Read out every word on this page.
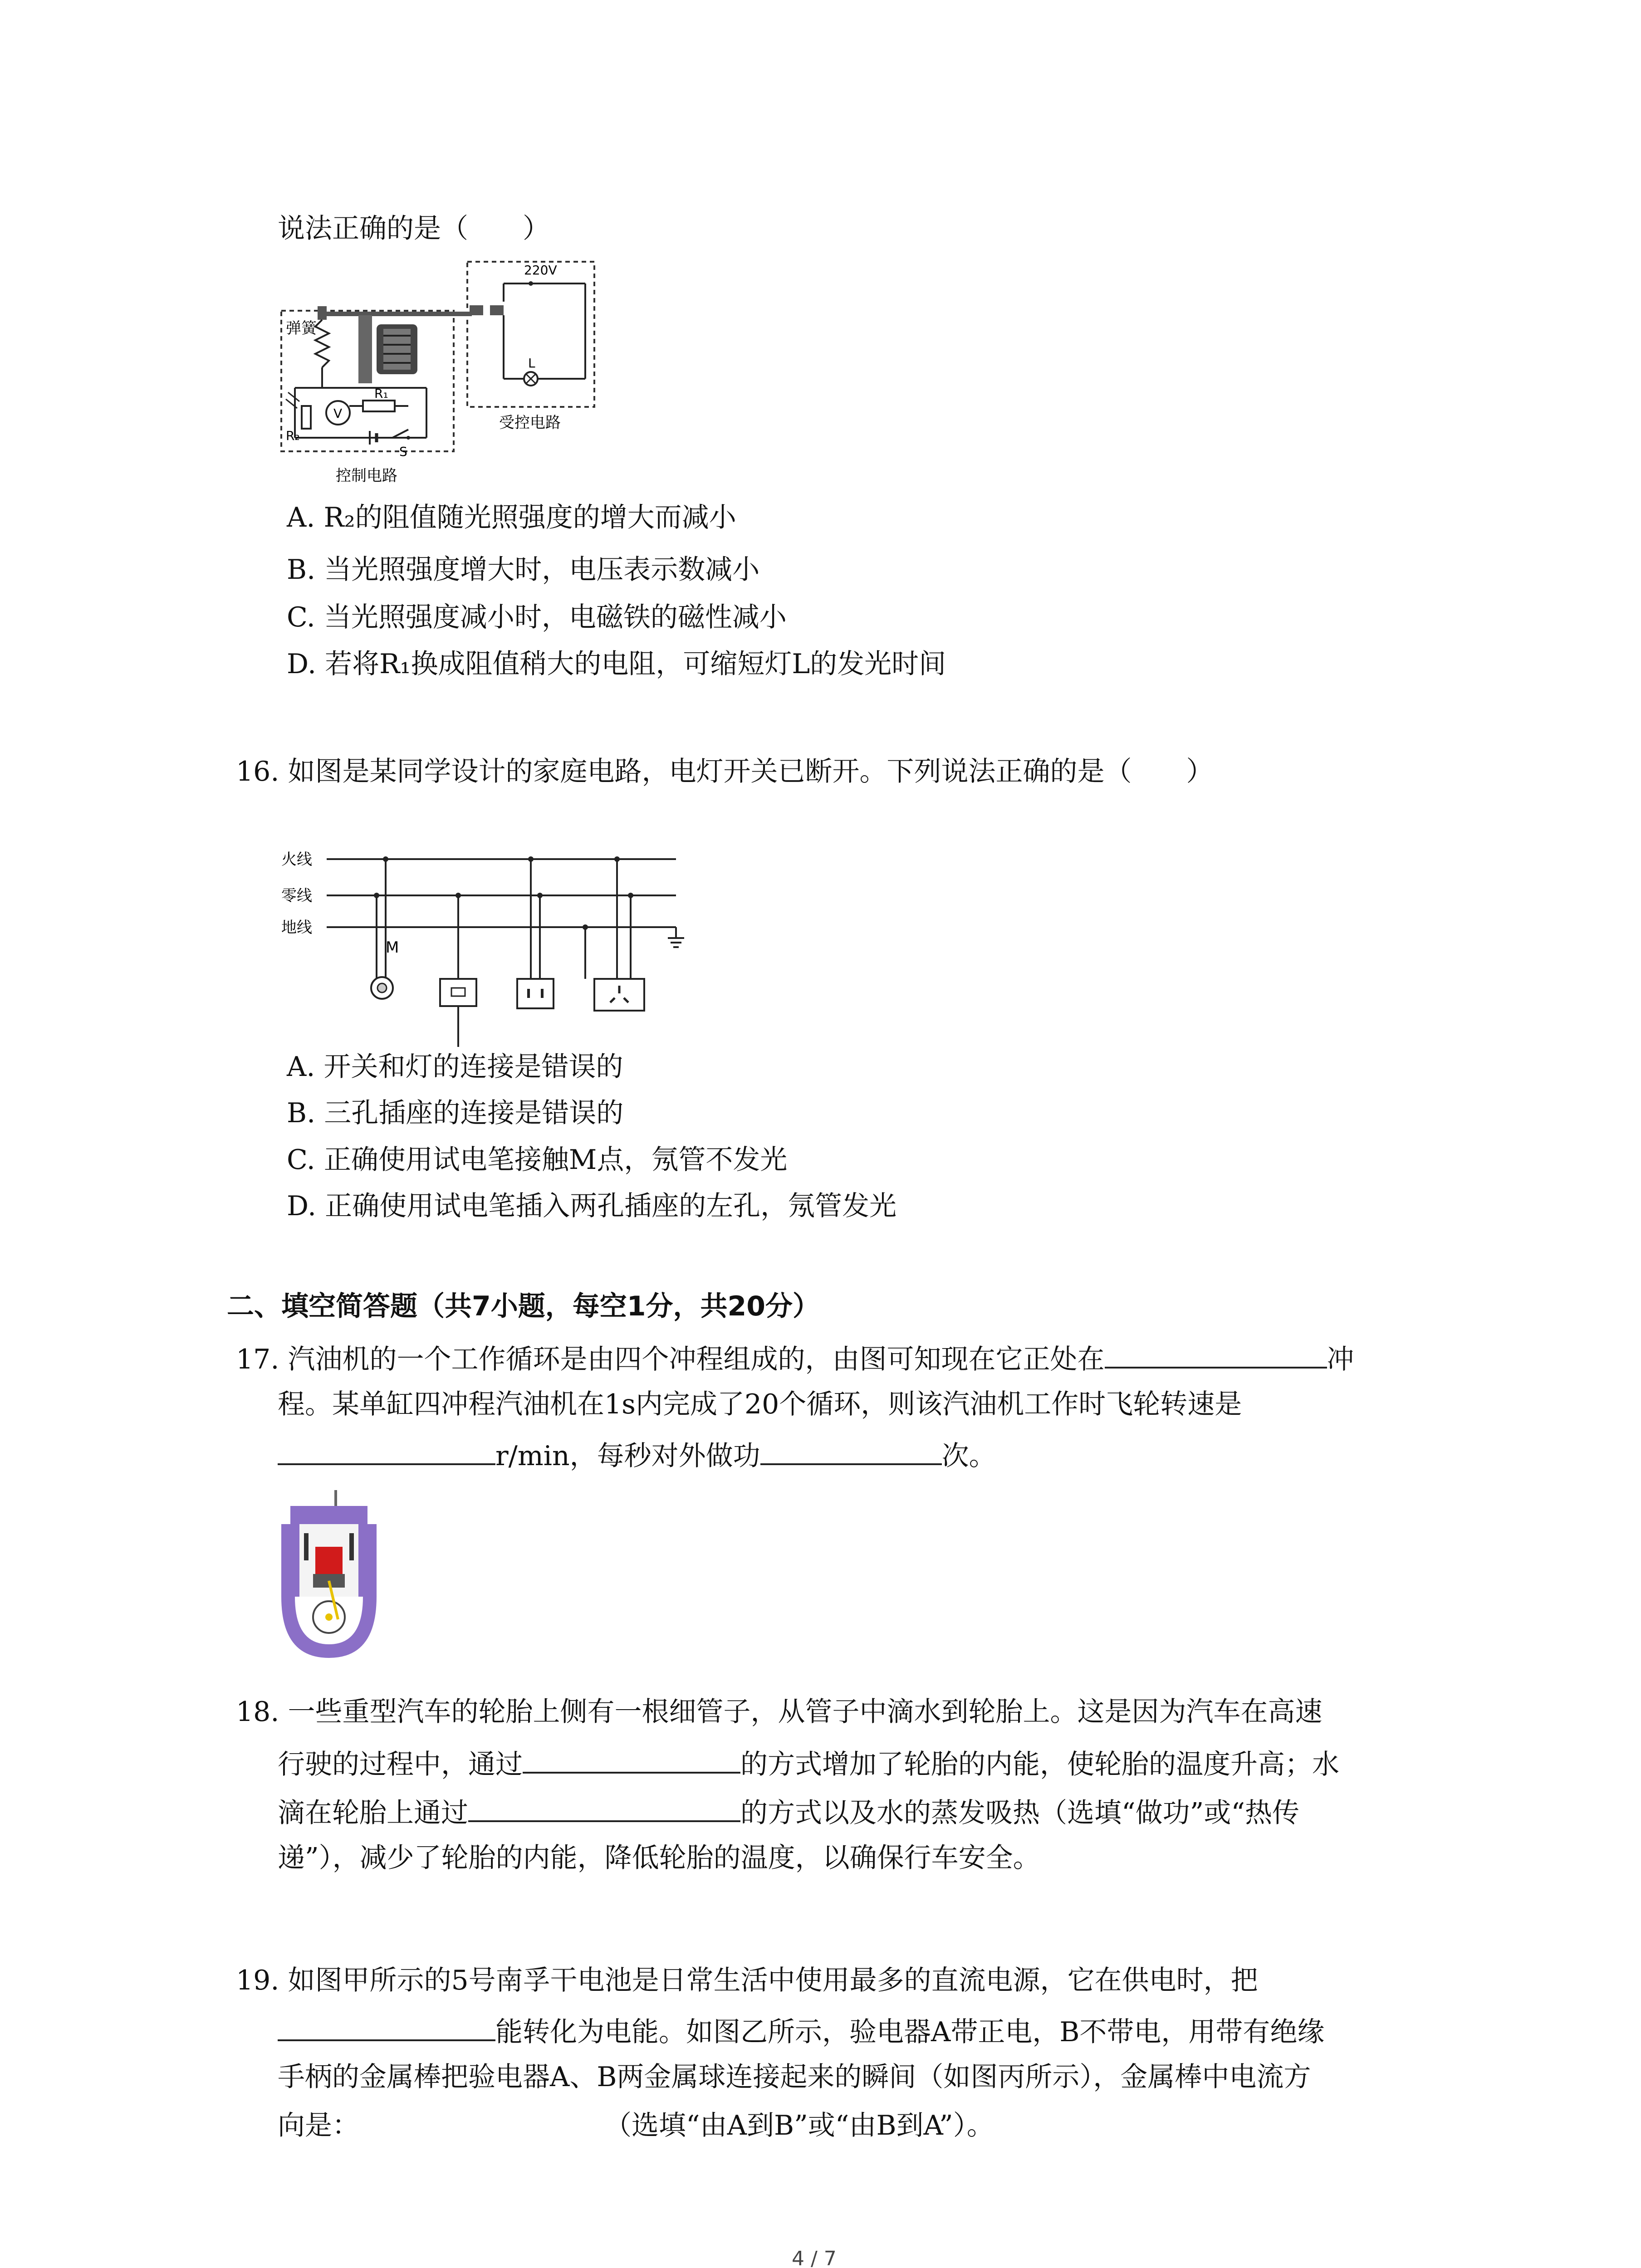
说法正确的是（　　）
220V
弹簧
R₁
R₂
V
S
L
受控电路
控制电路
A. R₂的阻值随光照强度的增大而减小
B. 当光照强度增大时，电压表示数减小
C. 当光照强度减小时，电磁铁的磁性减小
D. 若将R₁换成阻值稍大的电阻，可缩短灯L的发光时间
16. 如图是某同学设计的家庭电路，电灯开关已断开。下列说法正确的是（　　）
火线
零线
地线
M
A. 开关和灯的连接是错误的
B. 三孔插座的连接是错误的
C. 正确使用试电笔接触M点，氖管不发光
D. 正确使用试电笔插入两孔插座的左孔，氖管发光
二、填空简答题（共7小题，每空1分，共20分）
17. 汽油机的一个工作循环是由四个冲程组成的，由图可知现在它正处在	冲
程。某单缸四冲程汽油机在1s内完成了20个循环，则该汽油机工作时飞轮转速是
r/min，每秒对外做功	次。
18. 一些重型汽车的轮胎上侧有一根细管子，从管子中滴水到轮胎上。这是因为汽车在高速
行驶的过程中，通过	的方式增加了轮胎的内能，使轮胎的温度升高；水
滴在轮胎上通过	的方式以及水的蒸发吸热（选填“做功”或“热传
递”），减少了轮胎的内能，降低轮胎的温度，以确保行车安全。
19. 如图甲所示的5号南孚干电池是日常生活中使用最多的直流电源，它在供电时，把
能转化为电能。如图乙所示，验电器A带正电，B不带电，用带有绝缘
手柄的金属棒把验电器A、B两金属球连接起来的瞬间（如图丙所示），金属棒中电流方
向是：	（选填“由A到B”或“由B到A”）。
4 / 7
